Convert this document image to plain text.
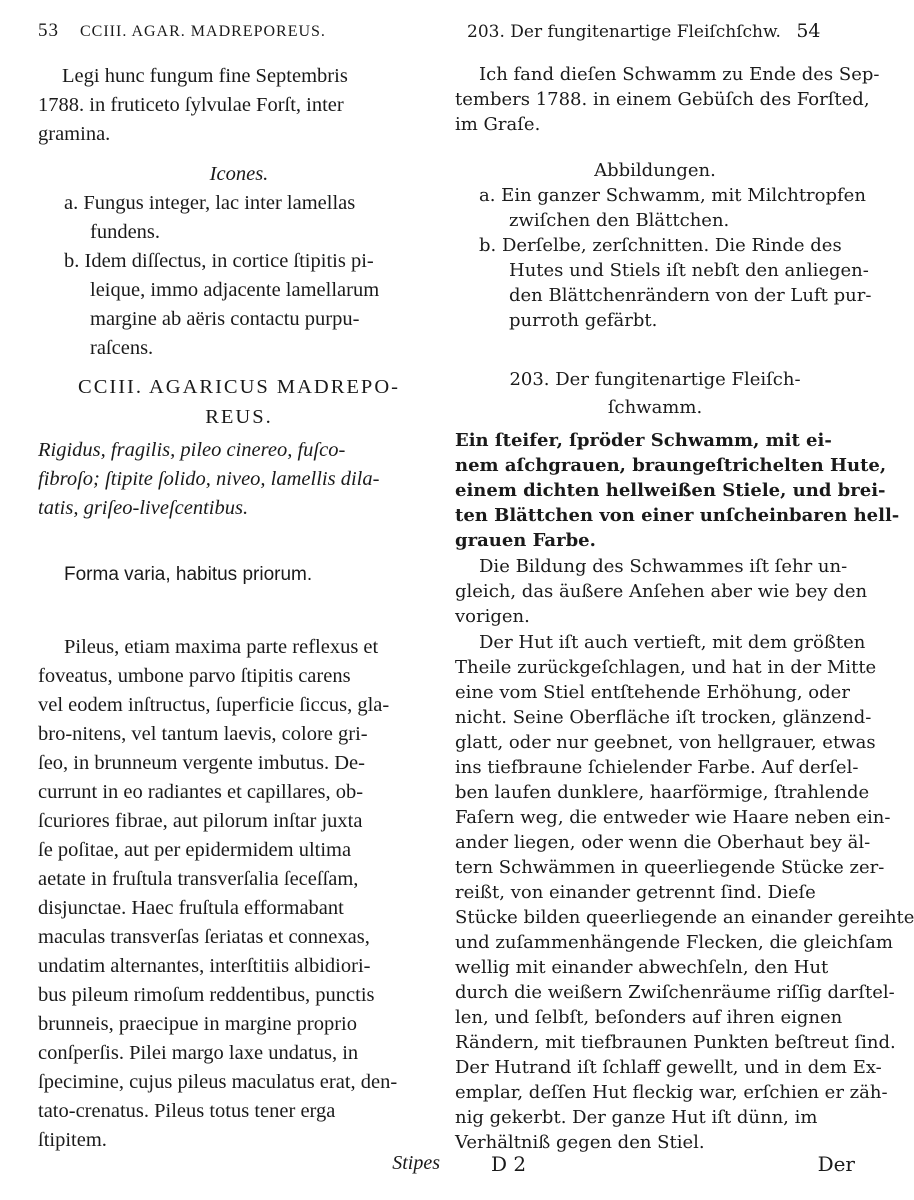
53 CCIII. AGAR. MADREPOREUS.
Legi hunc fungum fine Septembris
1788. in fruticeto ſylvulae Forſt, inter
gramina.
Icones.
a. Fungus integer, lac inter lamellas
fundens.
b. Idem diſſectus, in cortice ſtipitis pi-
leique, immo adjacente lamellarum
margine ab aëris contactu purpu-
raſcens.
CCIII. AGARICUS MADREPO-
REUS.
Rigidus, fragilis, pileo cinereo, fuſco-
fibroſo; ſtipite ſolido, niveo, lamellis dila-
tatis, griſeo-liveſcentibus.
Forma varia, habitus priorum.
Pileus, etiam maxima parte reflexus et
foveatus, umbone parvo ſtipitis carens
vel eodem inſtructus, ſuperficie ſiccus, gla-
bro-nitens, vel tantum laevis, colore gri-
ſeo, in brunneum vergente imbutus. De-
currunt in eo radiantes et capillares, ob-
ſcuriores fibrae, aut pilorum inſtar juxta
ſe poſitae, aut per epidermidem ultima
aetate in fruſtula transverſalia ſeceſſam,
disjunctae. Haec fruſtula efformabant
maculas transverſas ſeriatas et connexas,
undatim alternantes, interſtitiis albidiori-
bus pileum rimoſum reddentibus, punctis
brunneis, praecipue in margine proprio
conſperſis. Pilei margo laxe undatus, in
ſpecimine, cujus pileus maculatus erat, den-
tato-crenatus. Pileus totus tener erga
ſtipitem.
Stipes
203. Der fungitenartige Fleiſchſchw. 54
Ich fand dieſen Schwamm zu Ende des Sep-
tembers 1788. in einem Gebüſch des Forſted,
im Graſe.
Abbildungen.
a. Ein ganzer Schwamm, mit Milchtropfen
zwiſchen den Blättchen.
b. Derſelbe, zerſchnitten. Die Rinde des
Hutes und Stiels iſt nebſt den anliegen-
den Blättchenrändern von der Luft pur-
purroth gefärbt.
203. Der fungitenartige Fleiſch-
ſchwamm.
Ein ſteifer, ſpröder Schwamm, mit ei-
nem aſchgrauen, braungeſtrichelten Hute,
einem dichten hellweißen Stiele, und brei-
ten Blättchen von einer unſcheinbaren hell-
grauen Farbe.
Die Bildung des Schwammes iſt ſehr un-
gleich, das äußere Anſehen aber wie bey den
vorigen.
Der Hut iſt auch vertieft, mit dem größten
Theile zurückgeſchlagen, und hat in der Mitte
eine vom Stiel entſtehende Erhöhung, oder
nicht. Seine Oberfläche iſt trocken, glänzend-
glatt, oder nur geebnet, von hellgrauer, etwas
ins tiefbraune ſchielender Farbe. Auf derſel-
ben laufen dunklere, haarförmige, ſtrahlende
Faſern weg, die entweder wie Haare neben ein-
ander liegen, oder wenn die Oberhaut bey äl-
tern Schwämmen in queerliegende Stücke zer-
reißt, von einander getrennt ſind. Dieſe
Stücke bilden queerliegende an einander gereihte
und zuſammenhängende Flecken, die gleichſam
wellig mit einander abwechſeln, den Hut
durch die weißern Zwiſchenräume riſſig darſtel-
len, und ſelbſt, beſonders auf ihren eignen
Rändern, mit tiefbraunen Punkten beſtreut ſind.
Der Hutrand iſt ſchlaff gewellt, und in dem Ex-
emplar, deſſen Hut fleckig war, erſchien er zäh-
nig gekerbt. Der ganze Hut iſt dünn, im
Verhältniß gegen den Stiel.
D 2	Der
